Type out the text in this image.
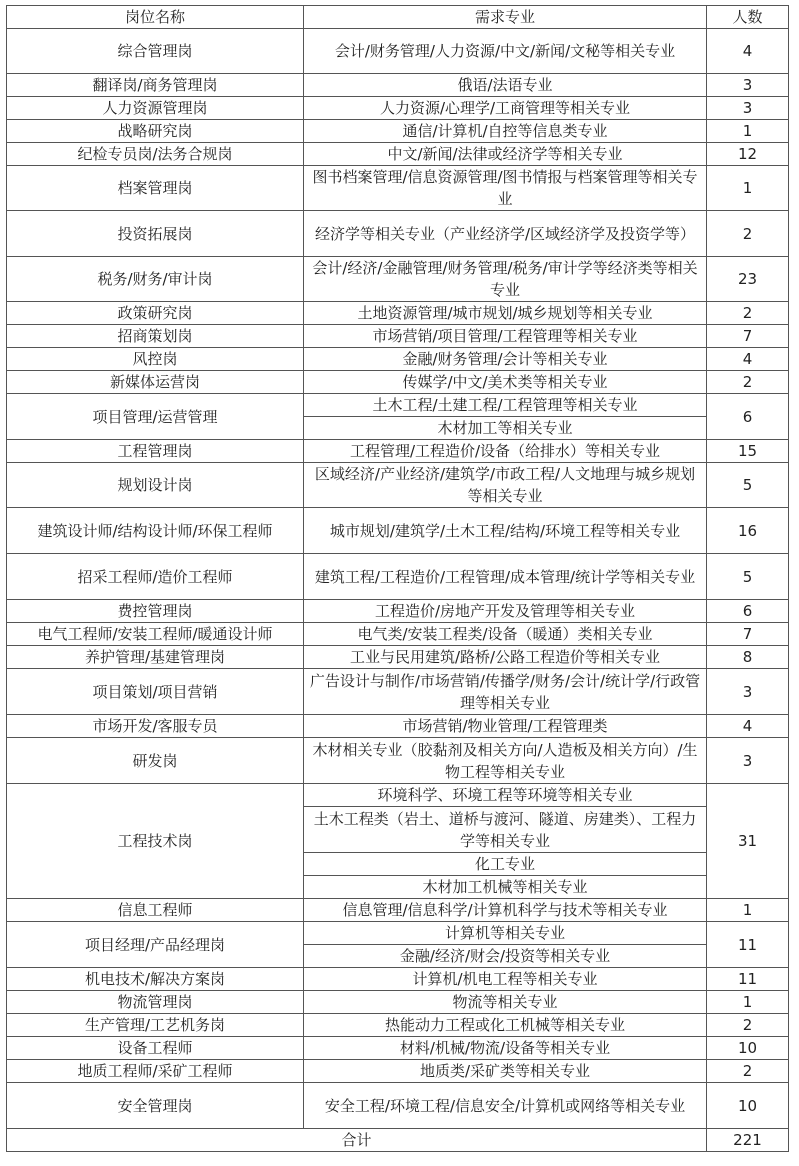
岗位名称	需求专业	人数
综合管理岗	会计/财务管理/人力资源/中文/新闻/文秘等相关专业	4
翻译岗/商务管理岗	俄语/法语专业	3
人力资源管理岗	人力资源/心理学/工商管理等相关专业	3
战略研究岗	通信/计算机/自控等信息类专业	1
纪检专员岗/法务合规岗	中文/新闻/法律或经济学等相关专业	12
档案管理岗	图书档案管理/信息资源管理/图书情报与档案管理等相关专业	1
投资拓展岗	经济学等相关专业（产业经济学/区域经济学及投资学等）	2
税务/财务/审计岗	会计/经济/金融管理/财务管理/税务/审计学等经济类等相关专业	23
政策研究岗	土地资源管理/城市规划/城乡规划等相关专业	2
招商策划岗	市场营销/项目管理/工程管理等相关专业	7
风控岗	金融/财务管理/会计等相关专业	4
新媒体运营岗	传媒学/中文/美术类等相关专业	2
项目管理/运营管理	土木工程/土建工程/工程管理等相关专业	6
	木材加工等相关专业	
工程管理岗	工程管理/工程造价/设备（给排水）等相关专业	15
规划设计岗	区域经济/产业经济/建筑学/市政工程/人文地理与城乡规划等相关专业	5
建筑设计师/结构设计师/环保工程师	城市规划/建筑学/土木工程/结构/环境工程等相关专业	16
招采工程师/造价工程师	建筑工程/工程造价/工程管理/成本管理/统计学等相关专业	5
费控管理岗	工程造价/房地产开发及管理等相关专业	6
电气工程师/安装工程师/暖通设计师	电气类/安装工程类/设备（暖通）类相关专业	7
养护管理/基建管理岗	工业与民用建筑/路桥/公路工程造价等相关专业	8
项目策划/项目营销	广告设计与制作/市场营销/传播学/财务/会计/统计学/行政管理等相关专业	3
市场开发/客服专员	市场营销/物业管理/工程管理类	4
研发岗	木材相关专业（胶黏剂及相关方向/人造板及相关方向）/生物工程等相关专业	3
工程技术岗	环境科学、环境工程等环境等相关专业	31
	土木工程类（岩土、道桥与渡河、隧道、房建类）、工程力学等相关专业	
	化工专业	
	木材加工机械等相关专业	
信息工程师	信息管理/信息科学/计算机科学与技术等相关专业	1
项目经理/产品经理岗	计算机等相关专业	11
	金融/经济/财会/投资等相关专业	
机电技术/解决方案岗	计算机/机电工程等相关专业	11
物流管理岗	物流等相关专业	1
生产管理/工艺机务岗	热能动力工程或化工机械等相关专业	2
设备工程师	材料/机械/物流/设备等相关专业	10
地质工程师/采矿工程师	地质类/采矿类等相关专业	2
安全管理岗	安全工程/环境工程/信息安全/计算机或网络等相关专业	10
合计		221
